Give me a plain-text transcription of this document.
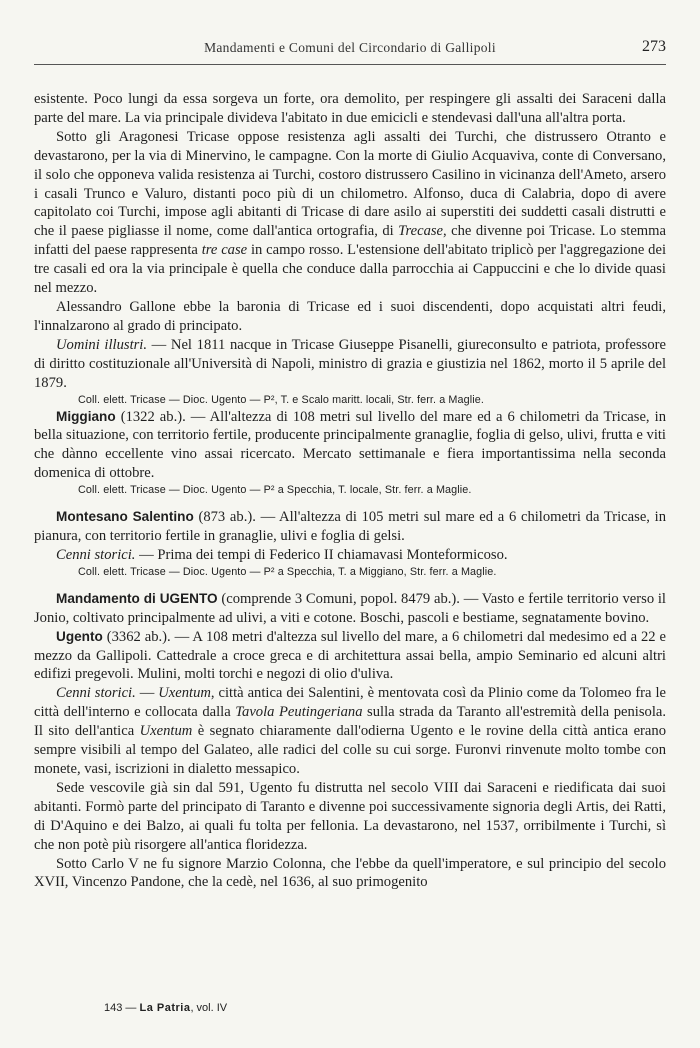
Mandamenti e Comuni del Circondario di Gallipoli	273

esistente. Poco lungi da essa sorgeva un forte, ora demolito, per respingere gli assalti dei Saraceni dalla parte del mare. La via principale divideva l'abitato in due emicicli e stendevasi dall'una all'altra porta.

Sotto gli Aragonesi Tricase oppose resistenza agli assalti dei Turchi, che distrussero Otranto e devastarono, per la via di Minervino, le campagne. Con la morte di Giulio Acquaviva, conte di Conversano, il solo che opponeva valida resistenza ai Turchi, costoro distrussero Casilino in vicinanza dell'Ameto, arsero i casali Trunco e Valuro, distanti poco più di un chilometro. Alfonso, duca di Calabria, dopo di avere capitolato coi Turchi, impose agli abitanti di Tricase di dare asilo ai superstiti dei suddetti casali distrutti e che il paese pigliasse il nome, come dall'antica ortografia, di Trecase, che divenne poi Tricase. Lo stemma infatti del paese rappresenta tre case in campo rosso. L'estensione dell'abitato triplicò per l'aggregazione dei tre casali ed ora la via principale è quella che conduce dalla parrocchia ai Cappuccini e che lo divide quasi nel mezzo.

Alessandro Gallone ebbe la baronia di Tricase ed i suoi discendenti, dopo acquistati altri feudi, l'innalzarono al grado di principato.

Uomini illustri. — Nel 1811 nacque in Tricase Giuseppe Pisanelli, giureconsulto e patriota, professore di diritto costituzionale all'Università di Napoli, ministro di grazia e giustizia nel 1862, morto il 5 aprile del 1879.

Coll. elett. Tricase — Dioc. Ugento — P², T. e Scalo maritt. locali, Str. ferr. a Maglie.

Miggiano (1322 ab.). — All'altezza di 108 metri sul livello del mare ed a 6 chilometri da Tricase, in bella situazione, con territorio fertile, producente principalmente granaglie, foglia di gelso, ulivi, frutta e viti che dànno eccellente vino assai ricercato. Mercato settimanale e fiera importantissima nella seconda domenica di ottobre.

Coll. elett. Tricase — Dioc. Ugento — P² a Specchia, T. locale, Str. ferr. a Maglie.

Montesano Salentino (873 ab.). — All'altezza di 105 metri sul mare ed a 6 chilometri da Tricase, in pianura, con territorio fertile in granaglie, ulivi e foglia di gelsi.

Cenni storici. — Prima dei tempi di Federico II chiamavasi Monteformicoso.

Coll. elett. Tricase — Dioc. Ugento — P² a Specchia, T. a Miggiano, Str. ferr. a Maglie.

Mandamento di UGENTO (comprende 3 Comuni, popol. 8479 ab.). — Vasto e fertile territorio verso il Jonio, coltivato principalmente ad ulivi, a viti e cotone. Boschi, pascoli e bestiame, segnatamente bovino.

Ugento (3362 ab.). — A 108 metri d'altezza sul livello del mare, a 6 chilometri dal medesimo ed a 22 e mezzo da Gallipoli. Cattedrale a croce greca e di architettura assai bella, ampio Seminario ed alcuni altri edifizi pregevoli. Mulini, molti torchi e negozi di olio d'uliva.

Cenni storici. — Uxentum, città antica dei Salentini, è mentovata così da Plinio come da Tolomeo fra le città dell'interno e collocata dalla Tavola Peutingeriana sulla strada da Taranto all'estremità della penisola. Il sito dell'antica Uxentum è segnato chiaramente dall'odierna Ugento e le rovine della città antica erano sempre visibili al tempo del Galateo, alle radici del colle su cui sorge. Furonvi rinvenute molto tombe con monete, vasi, iscrizioni in dialetto messapico.

Sede vescovile già sin dal 591, Ugento fu distrutta nel secolo VIII dai Saraceni e riedificata dai suoi abitanti. Formò parte del principato di Taranto e divenne poi successivamente signoria degli Artis, dei Ratti, di D'Aquino e dei Balzo, ai quali fu tolta per fellonia. La devastarono, nel 1537, orribilmente i Turchi, sì che non potè più risorgere all'antica floridezza.

Sotto Carlo V ne fu signore Marzio Colonna, che l'ebbe da quell'imperatore, e sul principio del secolo XVII, Vincenzo Pandone, che la cedè, nel 1636, al suo primogenito

143 — La Patria, vol. IV
